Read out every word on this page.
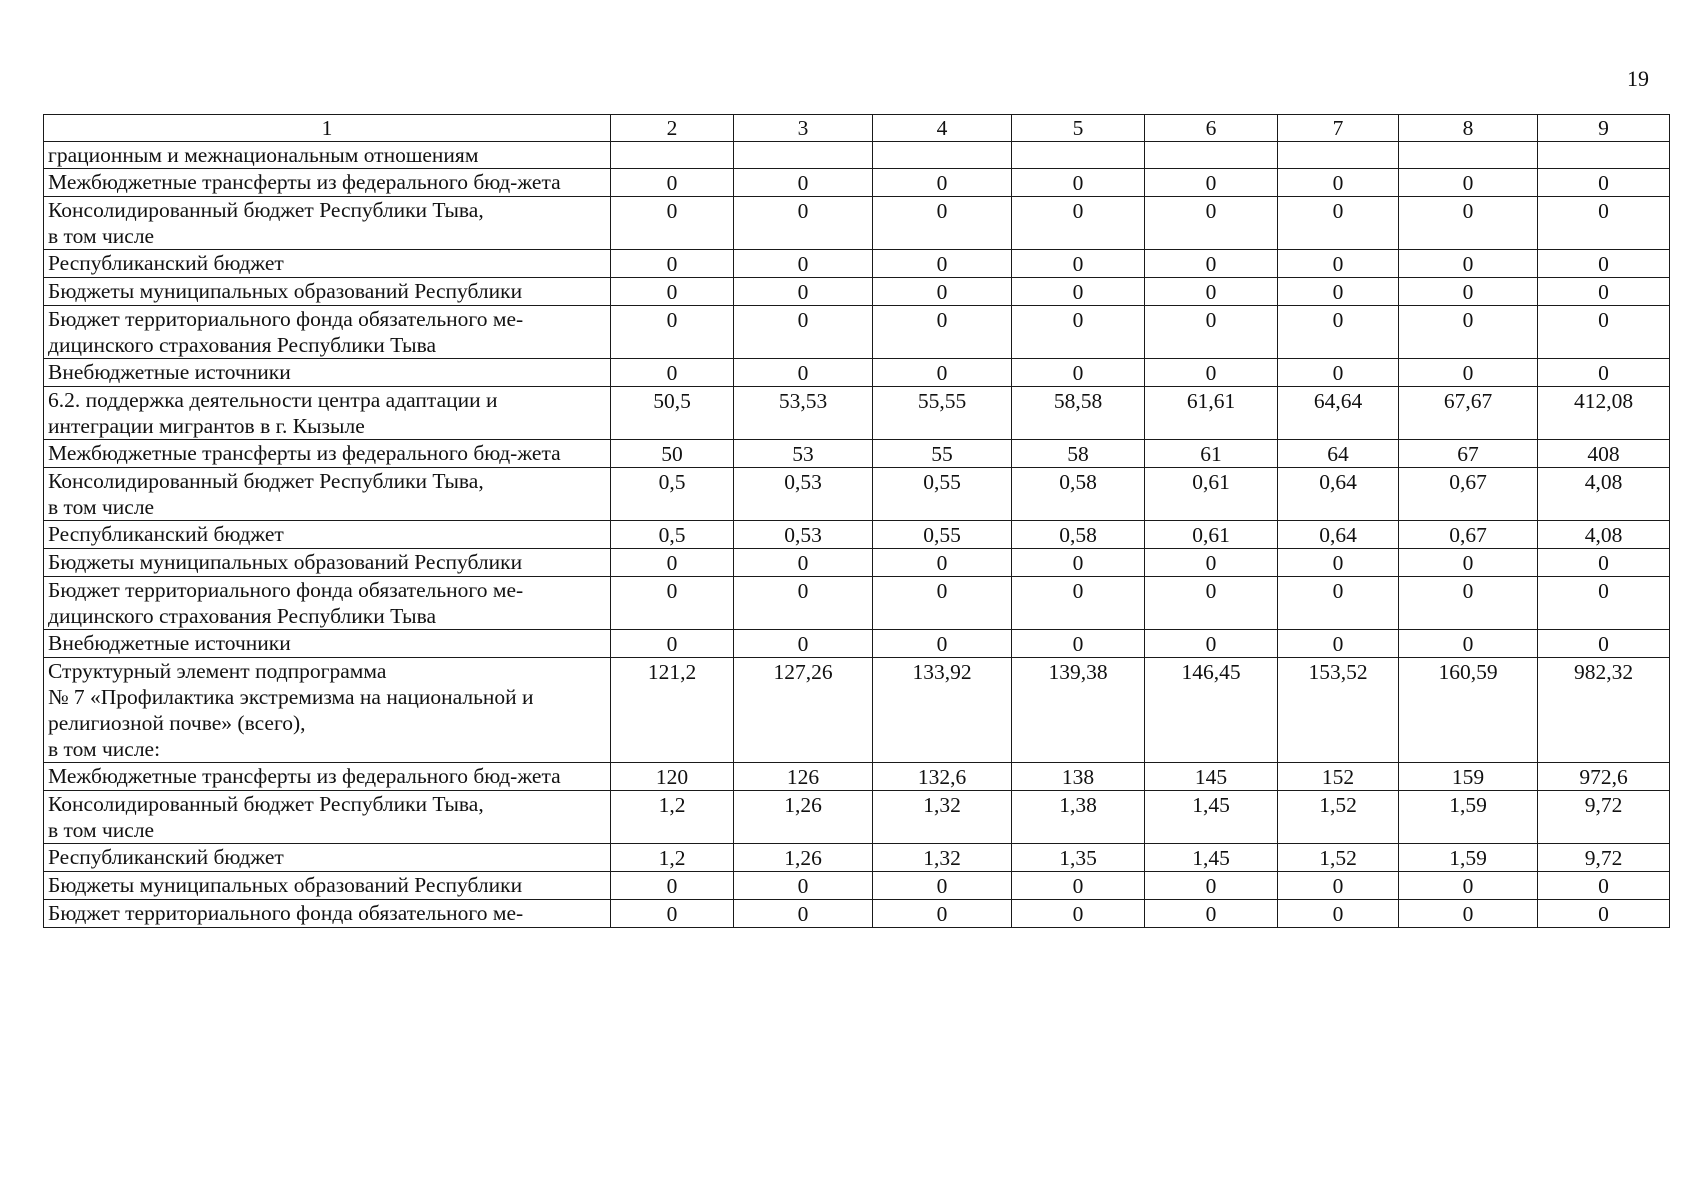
19
1	2	3	4	5	6	7	8	9

грационным и межнациональным отношениям								

Межбюджетные трансферты из федерального бюд-жета	0	0	0	0	0	0	0	0

Консолидированный бюджет Республики Тыва,
в том числе	0	0	0	0	0	0	0	0

Республиканский бюджет	0	0	0	0	0	0	0	0

Бюджеты муниципальных образований Республики	0	0	0	0	0	0	0	0

Бюджет территориального фонда обязательного ме-дицинского страхования Республики Тыва	0	0	0	0	0	0	0	0

Внебюджетные источники	0	0	0	0	0	0	0	0

6.2. поддержка деятельности центра адаптации и интеграции мигрантов в г. Кызыле	50,5	53,53	55,55	58,58	61,61	64,64	67,67	412,08

Межбюджетные трансферты из федерального бюд-жета	50	53	55	58	61	64	67	408

Консолидированный бюджет Республики Тыва,
в том числе	0,5	0,53	0,55	0,58	0,61	0,64	0,67	4,08

Республиканский бюджет	0,5	0,53	0,55	0,58	0,61	0,64	0,67	4,08

Бюджеты муниципальных образований Республики	0	0	0	0	0	0	0	0

Бюджет территориального фонда обязательного ме-дицинского страхования Республики Тыва	0	0	0	0	0	0	0	0

Внебюджетные источники	0	0	0	0	0	0	0	0

Структурный элемент подпрограмма
№ 7 «Профилактика экстремизма на национальной и религиозной почве» (всего),
в том числе:	121,2	127,26	133,92	139,38	146,45	153,52	160,59	982,32

Межбюджетные трансферты из федерального бюд-жета	120	126	132,6	138	145	152	159	972,6

Консолидированный бюджет Республики Тыва,
в том числе	1,2	1,26	1,32	1,38	1,45	1,52	1,59	9,72

Республиканский бюджет	1,2	1,26	1,32	1,35	1,45	1,52	1,59	9,72

Бюджеты муниципальных образований Республики	0	0	0	0	0	0	0	0

Бюджет территориального фонда обязательного ме-	0	0	0	0	0	0	0	0
